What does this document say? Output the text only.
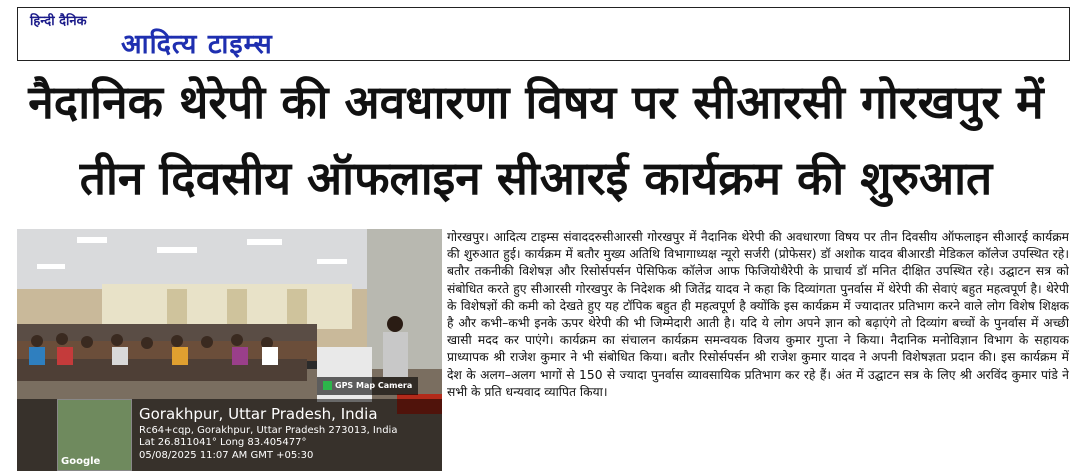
हिन्दी दैनिक
आदित्य टाइम्स
नैदानिक थेरेपी की अवधारणा विषय पर सीआरसी गोरखपुर में
तीन दिवसीय ऑफलाइन सीआरई कार्यक्रम की शुरुआत
Google
GPS Map Camera
Gorakhpur, Uttar Pradesh, India
Rc64+cqp, Gorakhpur, Uttar Pradesh 273013, India
Lat 26.811041° Long 83.405477°
05/08/2025 11:07 AM GMT +05:30
गोरखपुर। आदित्य टाइम्स संवाददरुसीआरसी गोरखपुर में नैदानिक थेरेपी की अवधारणा विषय पर तीन दिवसीय ऑफलाइन सीआरई कार्यक्रम की शुरुआत हुई। कार्यक्रम में बतौर मुख्य अतिथि विभागाध्यक्ष न्यूरो सर्जरी (प्रोफेसर) डॉ अशोक यादव बीआरडी मेडिकल कॉलेज उपस्थित रहे। बतौर तकनीकी विशेषज्ञ और रिसोर्सपर्सन पेसिफिक कॉलेज आफ फिजियोथैरेपी के प्राचार्य डॉ मनित दीक्षित उपस्थित रहे। उद्घाटन सत्र को संबोधित करते हुए सीआरसी गोरखपुर के निदेशक श्री जितेंद्र यादव ने कहा कि दिव्यांगता पुनर्वास में थेरेपी की सेवाएं बहुत महत्वपूर्ण है। थेरेपी के विशेषज्ञों की कमी को देखते हुए यह टॉपिक बहुत ही महत्वपूर्ण है क्योंकि इस कार्यक्रम में ज्यादातर प्रतिभाग करने वाले लोग विशेष शिक्षक है और कभी–कभी इनके ऊपर थेरेपी की भी जिम्मेदारी आती है। यदि ये लोग अपने ज्ञान को बढ़ाएंगे तो दिव्यांग बच्चों के पुनर्वास में अच्छी खासी मदद कर पाएंगे। कार्यक्रम का संचालन कार्यक्रम समन्वयक विजय कुमार गुप्ता ने किया। नैदानिक मनोविज्ञान विभाग के सहायक प्राध्यापक श्री राजेश कुमार ने भी संबोधित किया। बतौर रिसोर्सपर्सन श्री राजेश कुमार यादव ने अपनी विशेषज्ञता प्रदान की। इस कार्यक्रम में देश के अलग–अलग भागों से 150 से ज्यादा पुनर्वास व्यावसायिक प्रतिभाग कर रहे हैं। अंत में उद्घाटन सत्र के लिए श्री अरविंद कुमार पांडे ने सभी के प्रति धन्यवाद व्यापित किया।
